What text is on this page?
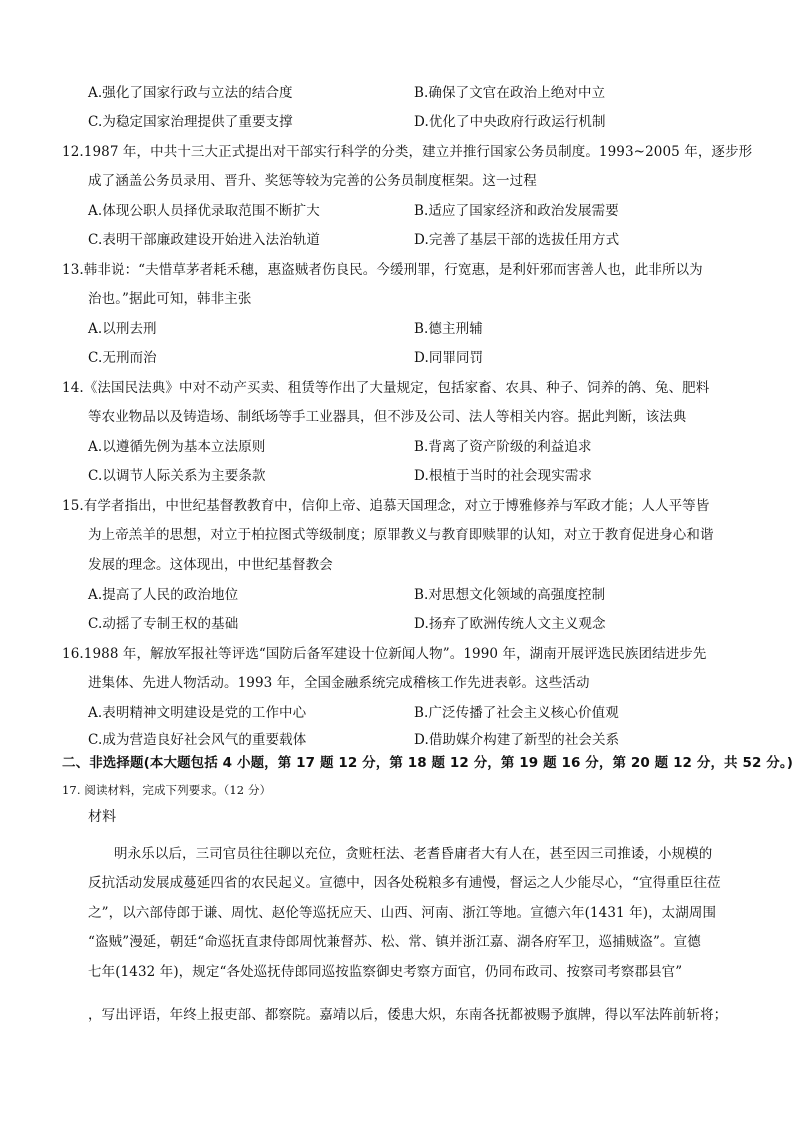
A.强化了国家行政与立法的结合度	B.确保了文官在政治上绝对中立
C.为稳定国家治理提供了重要支撑	D.优化了中央政府行政运行机制
12.1987 年，中共十三大正式提出对干部实行科学的分类，建立并推行国家公务员制度。1993~2005 年，逐步形
成了涵盖公务员录用、晋升、奖惩等较为完善的公务员制度框架。这一过程
A.体现公职人员择优录取范围不断扩大	B.适应了国家经济和政治发展需要
C.表明干部廉政建设开始进入法治轨道	D.完善了基层干部的选拔任用方式
13.韩非说：“夫惜草茅者耗禾穗，惠盗贼者伤良民。今缓刑罪，行宽惠，是利奸邪而害善人也，此非所以为
治也。”据此可知，韩非主张
A.以刑去刑	B.德主刑辅
C.无刑而治	D.同罪同罚
14.《法国民法典》中对不动产买卖、租赁等作出了大量规定，包括家畜、农具、种子、饲养的鸽、兔、肥料
等农业物品以及铸造场、制纸场等手工业器具，但不涉及公司、法人等相关内容。据此判断，该法典
A.以遵循先例为基本立法原则	B.背离了资产阶级的利益追求
C.以调节人际关系为主要条款	D.根植于当时的社会现实需求
15.有学者指出，中世纪基督教教育中，信仰上帝、追慕天国理念，对立于博雅修养与军政才能；人人平等皆
为上帝羔羊的思想，对立于柏拉图式等级制度；原罪教义与教育即赎罪的认知，对立于教育促进身心和谐
发展的理念。这体现出，中世纪基督教会
A.提高了人民的政治地位	B.对思想文化领域的高强度控制
C.动摇了专制王权的基础	D.扬弃了欧洲传统人文主义观念
16.1988 年，解放军报社等评选“国防后备军建设十位新闻人物”。1990 年，湖南开展评选民族团结进步先
进集体、先进人物活动。1993 年，全国金融系统完成稽核工作先进表彰。这些活动
A.表明精神文明建设是党的工作中心	B.广泛传播了社会主义核心价值观
C.成为营造良好社会风气的重要载体	D.借助媒介构建了新型的社会关系
二、非选择题(本大题包括 4 小题，第 17 题 12 分，第 18 题 12 分，第 19 题 16 分，第 20 题 12 分，共 52 分。)
17. 阅读材料，完成下列要求。（12 分）
材料
明永乐以后，三司官员往往聊以充位，贪赃枉法、老耆昏庸者大有人在，甚至因三司推诿，小规模的
反抗活动发展成蔓延四省的农民起义。宣德中，因各处税粮多有逋慢，督运之人少能尽心，“宜得重臣往莅
之”，以六部侍郎于谦、周忱、赵伦等巡抚应天、山西、河南、浙江等地。宣德六年(1431 年)，太湖周围
“盗贼”漫延，朝廷“命巡抚直隶侍郎周忱兼督苏、松、常、镇并浙江嘉、湖各府军卫，巡捕贼盗”。宣德
七年(1432 年)，规定“各处巡抚侍郎同巡按监察御史考察方面官，仍同布政司、按察司考察郡县官”
，写出评语，年终上报吏部、都察院。嘉靖以后，倭患大炽，东南各抚都被赐予旗牌，得以军法阵前斩将；
